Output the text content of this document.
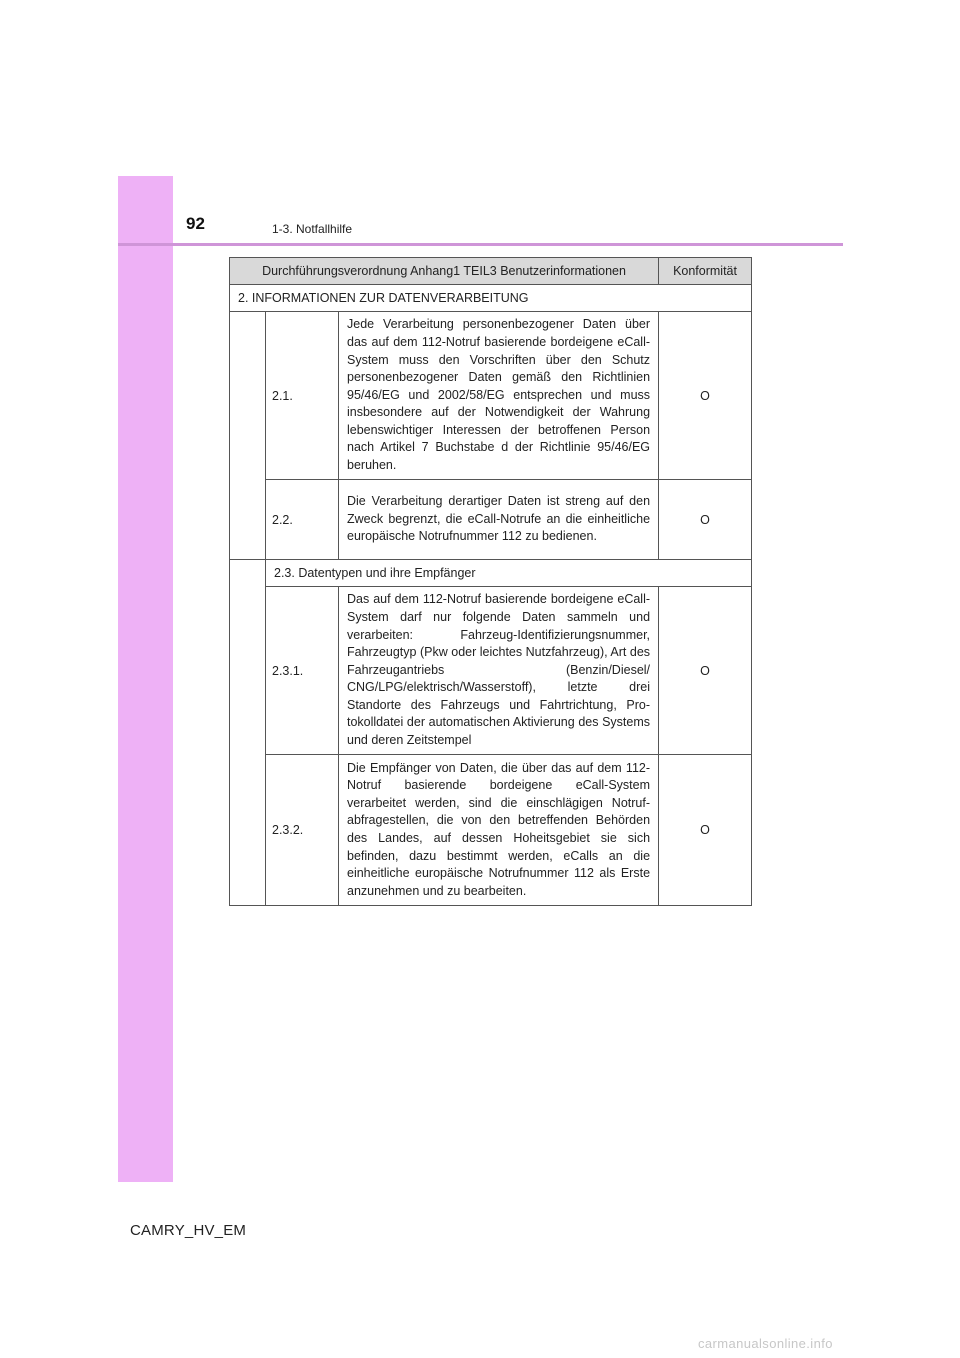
92	1-3. Notfallhilfe
Durchführungsverordnung Anhang1 TEIL3 Benutzerinformationen			Konformität
2. INFORMATIONEN ZUR DATENVERARBEITUNG			
	2.1.	Jede Verarbeitung personenbezogener Daten über das auf dem 112-Notruf basierende bordeigene eCall-System muss den Vorschriften über den Schutz personenbezogener Daten gemäß den Richtlinien 95/46/EG und 2002/58/EG entsprechen und muss insbesondere auf der Notwendigkeit der Wahrung lebenswichtiger Interessen der betroffenen Person nach Artikel 7 Buchstabe d der Richtlinie 95/46/EG beruhen.	O
	2.2.	Die Verarbeitung derartiger Daten ist streng auf den Zweck begrenzt, die eCall-Notrufe an die einheitliche europäische Notrufnummer 112 zu bedienen.	O
	2.3. Datentypen und ihre Empfänger		
	2.3.1.	Das auf dem 112-Notruf basierende bordeigene eCall-System darf nur folgende Daten sammeln und verarbeiten: Fahrzeug-Identifizierungsnummer, Fahrzeugtyp (Pkw oder leichtes Nutzfahrzeug), Art des Fahrzeugantriebs (Benzin/Diesel/ CNG/LPG/elektrisch/Wasserstoff), letzte drei Standorte des Fahrzeugs und Fahrtrichtung, Protokolldatei der automatischen Aktivierung des Systems und deren Zeitstempel	O
	2.3.2.	Die Empfänger von Daten, die über das auf dem 112-Notruf basierende bordeigene eCall-System verarbeitet werden, sind die einschlägigen Notrufabfragestellen, die von den betreffenden Behörden des Landes, auf dessen Hoheitsgebiet sie sich befinden, dazu bestimmt werden, eCalls an die einheitliche europäische Notrufnummer 112 als Erste anzunehmen und zu bearbeiten.	O
CAMRY_HV_EM
carmanualsonline.info
